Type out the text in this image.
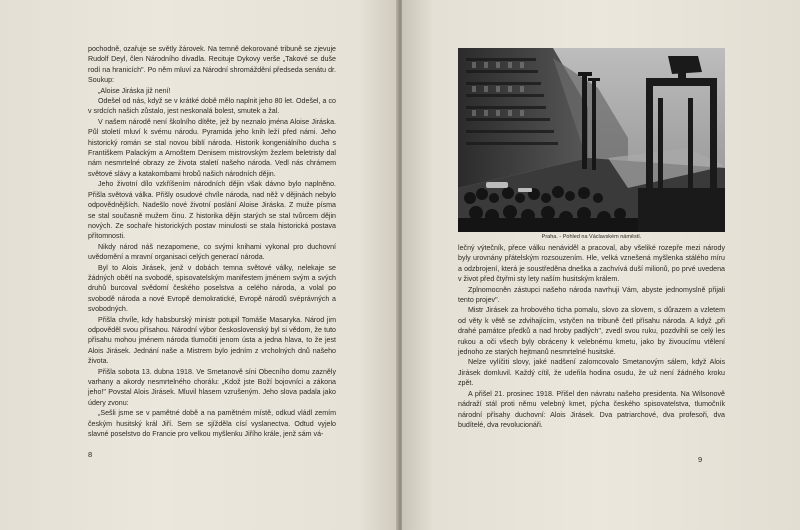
pochodně, ozařuje se světly žárovek. Na temně dekorované tribuně se zjevuje Rudolf Deyl, člen Národního divadla. Recituje Dykovy verše „Takové se duše rodí na hranicích". Po něm mluví za Národní shromáždění předseda senátu dr. Soukup:

„Aloise Jiráska již není!

Odešel od nás, když se v krátké době mělo naplnit jeho 80 let. Odešel, a co v srdcích našich zůstalo, jest neskonalá bolest, smutek a žal.

V našem národě není školního dítěte, jež by neznalo jména Aloise Jiráska. Půl století mluví k svému národu. Pyramida jeho knih leží před námi. Jeho historický román se stal novou biblí národa. Historik kongeniálního ducha s Františkem Palackým a Arnoštem Denisem mistrovským žezlem beletristy dal nám nesmrtelné obrazy ze života staletí našeho národa. Vedl nás chrámem světové slávy a katakombami hrobů našich národních dějin.

Jeho životní dílo vzkříšením národních dějin však dávno bylo naplněno. Přišla světová válka. Přišly osudové chvíle národa, nad něž v dějinách nebylo odpovědnějších. Nadešlo nové životní poslání Aloise Jiráska. Z muže písma se stal současně mužem činu. Z historika dějin starých se stal tvůrcem dějin nových. Ze sochaře historických postav minulosti se stala historická postava přítomnosti.

Nikdy národ náš nezapomene, co svými knihami vykonal pro duchovní uvědomění a mravní organisaci celých generací národa.

Byl to Alois Jirásek, jenž v dobách temna světové války, nelekaje se žádných obětí na svobodě, spisovatelským manifestem jménem svým a svých druhů burcoval svědomí českého poselstva a celého národa, a volal po svobodě národa a nové Evropě demokratické, Evropě národů svéprávných a svobodných.

Přišla chvíle, kdy habsburský ministr potupil Tomáše Masaryka. Národ jim odpověděl svou přísahou. Národní výbor československý byl si vědom, že tuto přísahu mohou jménem národa tlumočiti jenom ústa a jedna hlava, to že jest Alois Jirásek. Jednání naše a Mistrem bylo jedním z vrcholných dnů našeho života.

Přišla sobota 13. dubna 1918. Ve Smetanově síni Obecního domu zazněly varhany a akordy nesmrtelného chorálu: „Kdož jste Boží bojovníci a zákona jeho!" Povstal Alois Jirásek. Mluvil hlasem vzrušeným. Jeho slova padala jako údery zvonu:

„Sešli jsme se v pamětné době a na pamětném místě, odkud vládl zemím českým husitský král Jiří. Sem se sjížděla císí vyslanectva. Odtud vyjelo slavné poselstvo do Francie pro velkou myšlenku Jiřího krále, jenž sám vá-

8
Praha. - Pohled na Václavském náměstí.

lečný výtečník, přece válku nenáviděl a pracoval, aby všeliké rozepře mezi národy byly urovnány přátelským rozsouzením. Hle, velká vznešená myšlenka stálého míru a odzbrojení, která je soustředěna dneška a zachvívá duší milionů, po prvé uvedena v život před čtyřmi sty lety naším husitským králem.

Zplnomocněn zástupci našeho národa navrhuji Vám, abyste jednomyslně přijali tento projev".

Mistr Jirásek za hrobového ticha pomalu, slovo za slovem, s důrazem a vzletem od věty k větě se zdvihajícím, vstyčen na tribuně četl přísahu národa. A když „při drahé památce předků a nad hroby padlých", zvedl svou ruku, pozdvihli se celý les rukou a oči všech byly obráceny k velebnému kmetu, jako by živoucímu vtělení jednoho ze starých hejtmanů nesmrtelné husitské.

Nelze vylíčiti slovy, jaké nadšení zalomcovalo Smetanovým sálem, když Alois Jirásek domluvil. Každý cítil, že udeřila hodina osudu, že už není žádného kroku zpět.

A přišel 21. prosinec 1918. Přišel den návratu našeho presidenta. Na Wilsonově nádraží stál proti němu velebný kmet, pýcha českého spisovatelstva, tlumočník národní přísahy duchovní: Alois Jirásek. Dva patriarchové, dva profesoři, dva budítelé, dva revolucionáři.

9
